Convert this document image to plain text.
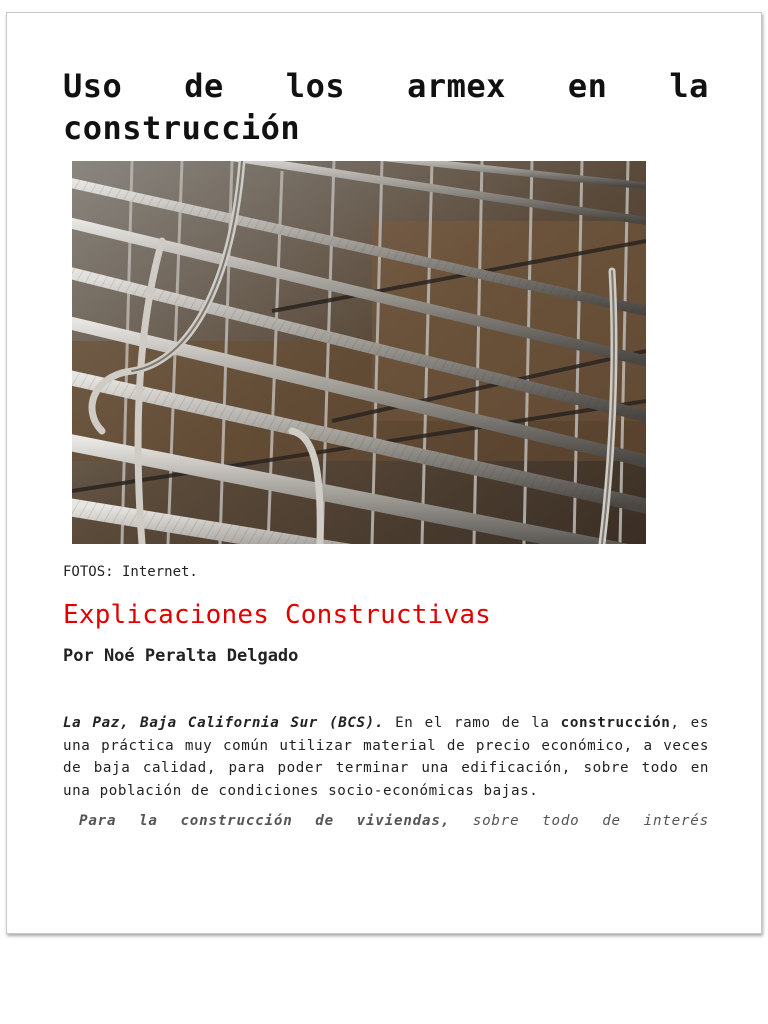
Uso de los armex en la
construcción
FOTOS: Internet.
Explicaciones Constructivas
Por Noé Peralta Delgado

La Paz, Baja California Sur (BCS). En el ramo de la construcción, es una práctica muy común utilizar material de precio económico, a veces de baja calidad, para poder terminar una edificación, sobre todo en una población de condiciones socio-económicas bajas.

Para la construcción de viviendas, sobre todo de interés
